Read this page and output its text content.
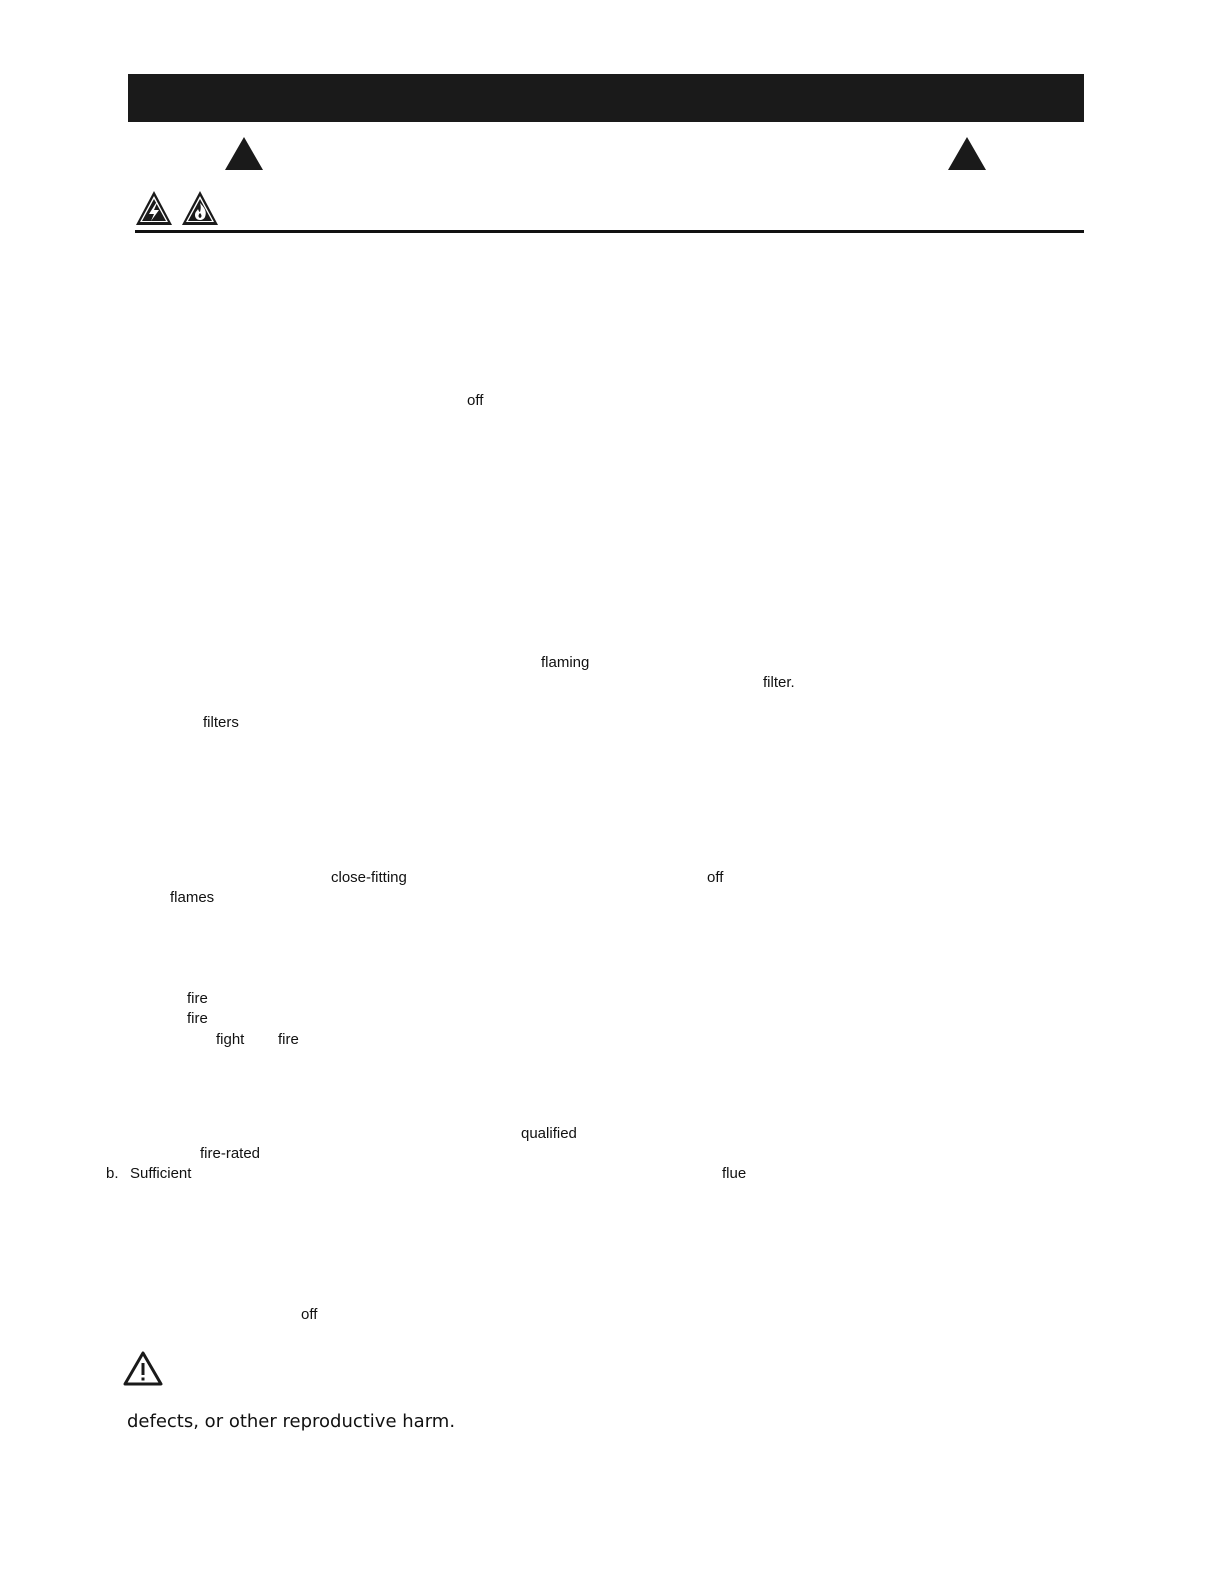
off
flaming
filter.
filters
close-fitting	off
flames
fire
fire
fight fire
qualified
fire-rated
b. Sufficient	flue
off
defects, or other reproductive harm.
